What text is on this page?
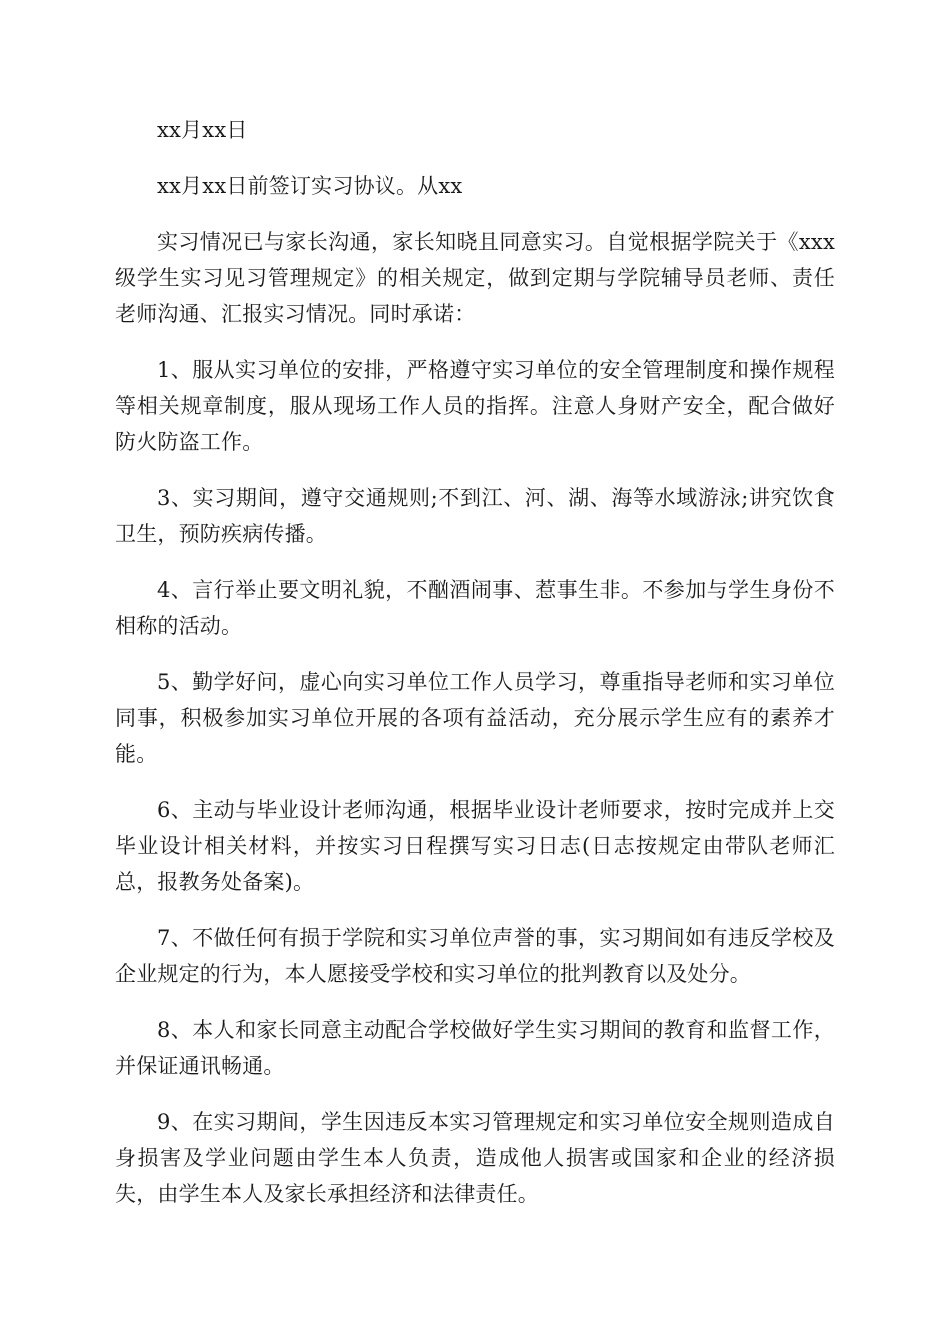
xx月xx日

xx月xx日前签订实习协议。从xx

实习情况已与家长沟通，家长知晓且同意实习。自觉根据学院关于《xxx级学生实习见习管理规定》的相关规定，做到定期与学院辅导员老师、责任老师沟通、汇报实习情况。同时承诺：

1、服从实习单位的安排，严格遵守实习单位的安全管理制度和操作规程等相关规章制度，服从现场工作人员的指挥。注意人身财产安全，配合做好防火防盗工作。

3、实习期间，遵守交通规则;不到江、河、湖、海等水域游泳;讲究饮食卫生，预防疾病传播。

4、言行举止要文明礼貌，不酗酒闹事、惹事生非。不参加与学生身份不相称的活动。

5、勤学好问，虚心向实习单位工作人员学习，尊重指导老师和实习单位同事，积极参加实习单位开展的各项有益活动，充分展示学生应有的素养才能。

6、主动与毕业设计老师沟通，根据毕业设计老师要求，按时完成并上交毕业设计相关材料，并按实习日程撰写实习日志(日志按规定由带队老师汇总，报教务处备案)。

7、不做任何有损于学院和实习单位声誉的事，实习期间如有违反学校及企业规定的行为，本人愿接受学校和实习单位的批判教育以及处分。

8、本人和家长同意主动配合学校做好学生实习期间的教育和监督工作，并保证通讯畅通。

9、在实习期间，学生因违反本实习管理规定和实习单位安全规则造成自身损害及学业问题由学生本人负责，造成他人损害或国家和企业的经济损失，由学生本人及家长承担经济和法律责任。
